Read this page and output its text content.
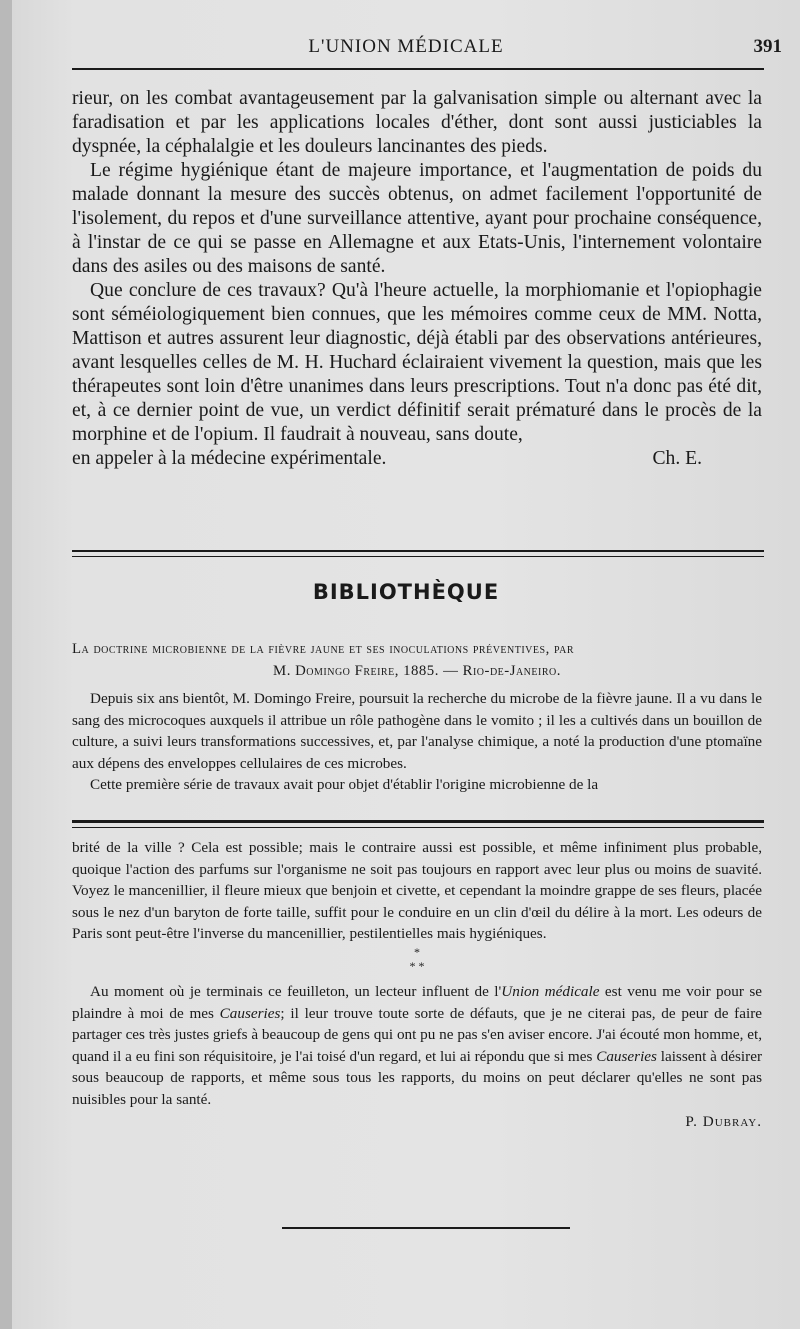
L'UNION MÉDICALE	391

rieur, on les combat avantageusement par la galvanisation simple ou alternant avec la faradisation et par les applications locales d'éther, dont sont aussi justiciables la dyspnée, la céphalalgie et les douleurs lancinantes des pieds.

Le régime hygiénique étant de majeure importance, et l'augmentation de poids du malade donnant la mesure des succès obtenus, on admet facilement l'opportunité de l'isolement, du repos et d'une surveillance attentive, ayant pour prochaine conséquence, à l'instar de ce qui se passe en Allemagne et aux Etats-Unis, l'internement volontaire dans des asiles ou des maisons de santé.

Que conclure de ces travaux? Qu'à l'heure actuelle, la morphiomanie et l'opiophagie sont séméiologiquement bien connues, que les mémoires comme ceux de MM. Notta, Mattison et autres assurent leur diagnostic, déjà établi par des observations antérieures, avant lesquelles celles de M. H. Huchard éclairaient vivement la question, mais que les thérapeutes sont loin d'être unanimes dans leurs prescriptions. Tout n'a donc pas été dit, et, à ce dernier point de vue, un verdict définitif serait prématuré dans le procès de la morphine et de l'opium. Il faudrait à nouveau, sans doute,

en appeler à la médecine expérimentale.	Ch. E.
BIBLIOTHÈQUE
La doctrine microbienne de la fièvre jaune et ses inoculations préventives, par
M. Domingo Freire, 1885. — Rio-de-Janeiro.

Depuis six ans bientôt, M. Domingo Freire, poursuit la recherche du microbe de la fièvre jaune. Il a vu dans le sang des microcoques auxquels il attribue un rôle pathogène dans le vomito ; il les a cultivés dans un bouillon de culture, a suivi leurs transformations successives, et, par l'analyse chimique, a noté la production d'une ptomaïne aux dépens des enveloppes cellulaires de ces microbes.

Cette première série de travaux avait pour objet d'établir l'origine microbienne de la

brité de la ville ? Cela est possible; mais le contraire aussi est possible, et même infiniment plus probable, quoique l'action des parfums sur l'organisme ne soit pas toujours en rapport avec leur plus ou moins de suavité. Voyez le mancenillier, il fleure mieux que benjoin et civette, et cependant la moindre grappe de ses fleurs, placée sous le nez d'un baryton de forte taille, suffit pour le conduire en un clin d'œil du délire à la mort. Les odeurs de Paris sont peut-être l'inverse du mancenillier, pestilentielles mais hygiéniques.

*

* *

Au moment où je terminais ce feuilleton, un lecteur influent de l'Union médicale est venu me voir pour se plaindre à moi de mes Causeries; il leur trouve toute sorte de défauts, que je ne citerai pas, de peur de faire partager ces très justes griefs à beaucoup de gens qui ont pu ne pas s'en aviser encore. J'ai écouté mon homme, et, quand il a eu fini son réquisitoire, je l'ai toisé d'un regard, et lui ai répondu que si mes Causeries laissent à désirer sous beaucoup de rapports, et même sous tous les rapports, du moins on peut déclarer qu'elles ne sont pas nuisibles pour la santé.

P. Dubray.
